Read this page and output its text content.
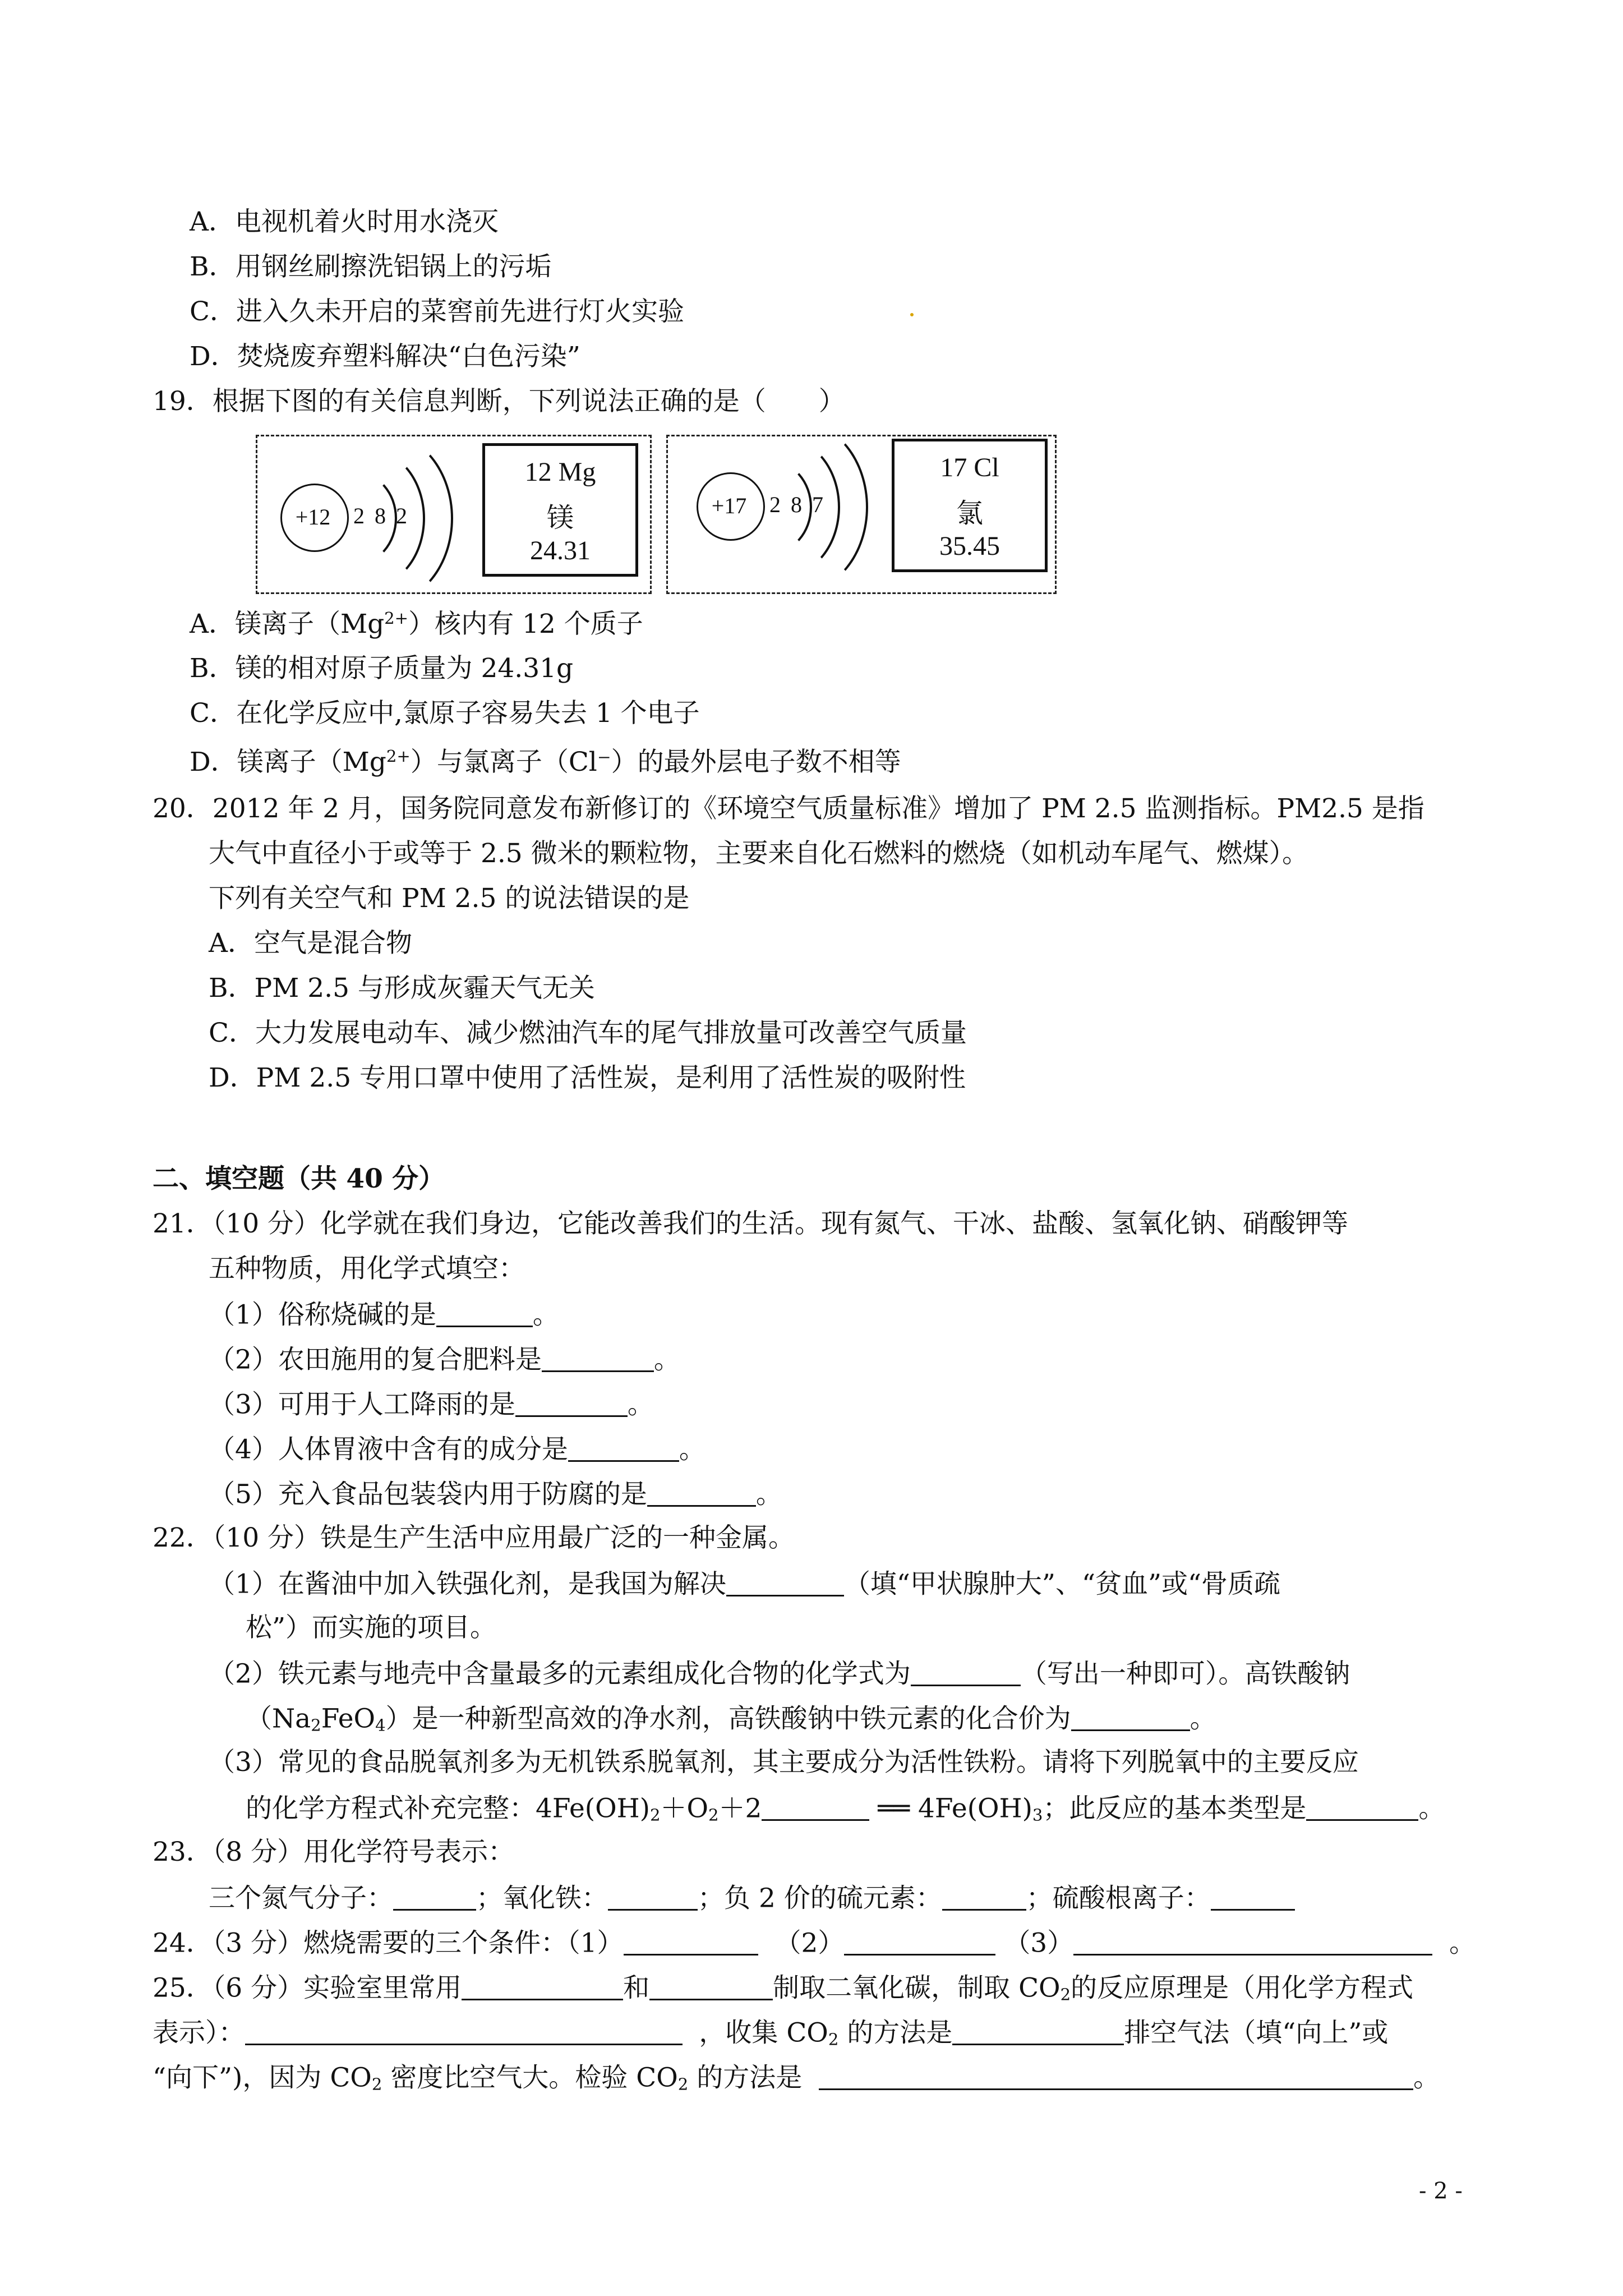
A．电视机着火时用水浇灭
B．用钢丝刷擦洗铝锅上的污垢
C．进入久未开启的菜窖前先进行灯火实验
D．焚烧废弃塑料解决“白色污染”
19．根据下图的有关信息判断，下列说法正确的是（　　）
+12	2 8 2
12 Mg
镁
24.31
+17	2 8 7
17 Cl
氯
35.45
A．镁离子$(Mg^{2+})$核内有 12 个质子
B．镁的相对原子质量为 24.31g
C．在化学反应中,氯原子容易失去 1 个电子
D．镁离子$(Mg^{2+})$与氯离子（Cl⁻）的最外层电子数不相等
20．2012 年 2 月，国务院同意发布新修订的《环境空气质量标准》增加了 PM 2.5 监测指标。PM2.5 是指
大气中直径小于或等于 2.5 微米的颗粒物，主要来自化石燃料的燃烧（如机动车尾气、燃煤）。
下列有关空气和 PM 2.5 的说法错误的是
A．空气是混合物
B．PM 2.5 与形成灰霾天气无关
C．大力发展电动车、减少燃油汽车的尾气排放量可改善空气质量
D．PM 2.5 专用口罩中使用了活性炭，是利用了活性炭的吸附性
二、填空题（共 40 分）
21．（10 分）化学就在我们身边，它能改善我们的生活。现有氮气、干冰、盐酸、氢氧化钠、硝酸钾等
五种物质，用化学式填空：
（1）俗称烧碱的是	。
（2）农田施用的复合肥料是	。
（3）可用于人工降雨的是	。
（4）人体胃液中含有的成分是	。
（5）充入食品包装袋内用于防腐的是	。
22．（10 分）铁是生产生活中应用最广泛的一种金属。
（1）在酱油中加入铁强化剂，是我国为解决	（填“甲状腺肿大”、“贫血”或“骨质疏
松”）而实施的项目。
（2）铁元素与地壳中含量最多的元素组成化合物的化学式为	（写出一种即可）。高铁酸钠
$(Na_2FeO_4)$是一种新型高效的净水剂，高铁酸钠中铁元素的化合价为	。
（3）常见的食品脱氧剂多为无机铁系脱氧剂，其主要成分为活性铁粉。请将下列脱氧中的主要反应
的化学方程式补充完整：$4Fe(OH)_2+O_2+2$	══ $4Fe(OH)_3$；此反应的基本类型是	。
23．（8 分）用化学符号表示：
三个氮气分子：	；氧化铁：	；负 2 价的硫元素：	；硫酸根离子：
24．（3 分）燃烧需要的三个条件：（1）	（2）	（3）	。
25．（6 分）实验室里常用	和	制取二氧化碳，制取 $CO_2$的反应原理是（用化学方程式
表示）：	，收集 $CO_2$ 的方法是	排空气法（填“向上”或
“向下”)，因为 $CO_2$ 密度比空气大。检验 $CO_2$ 的方法是	。
- 2 -
